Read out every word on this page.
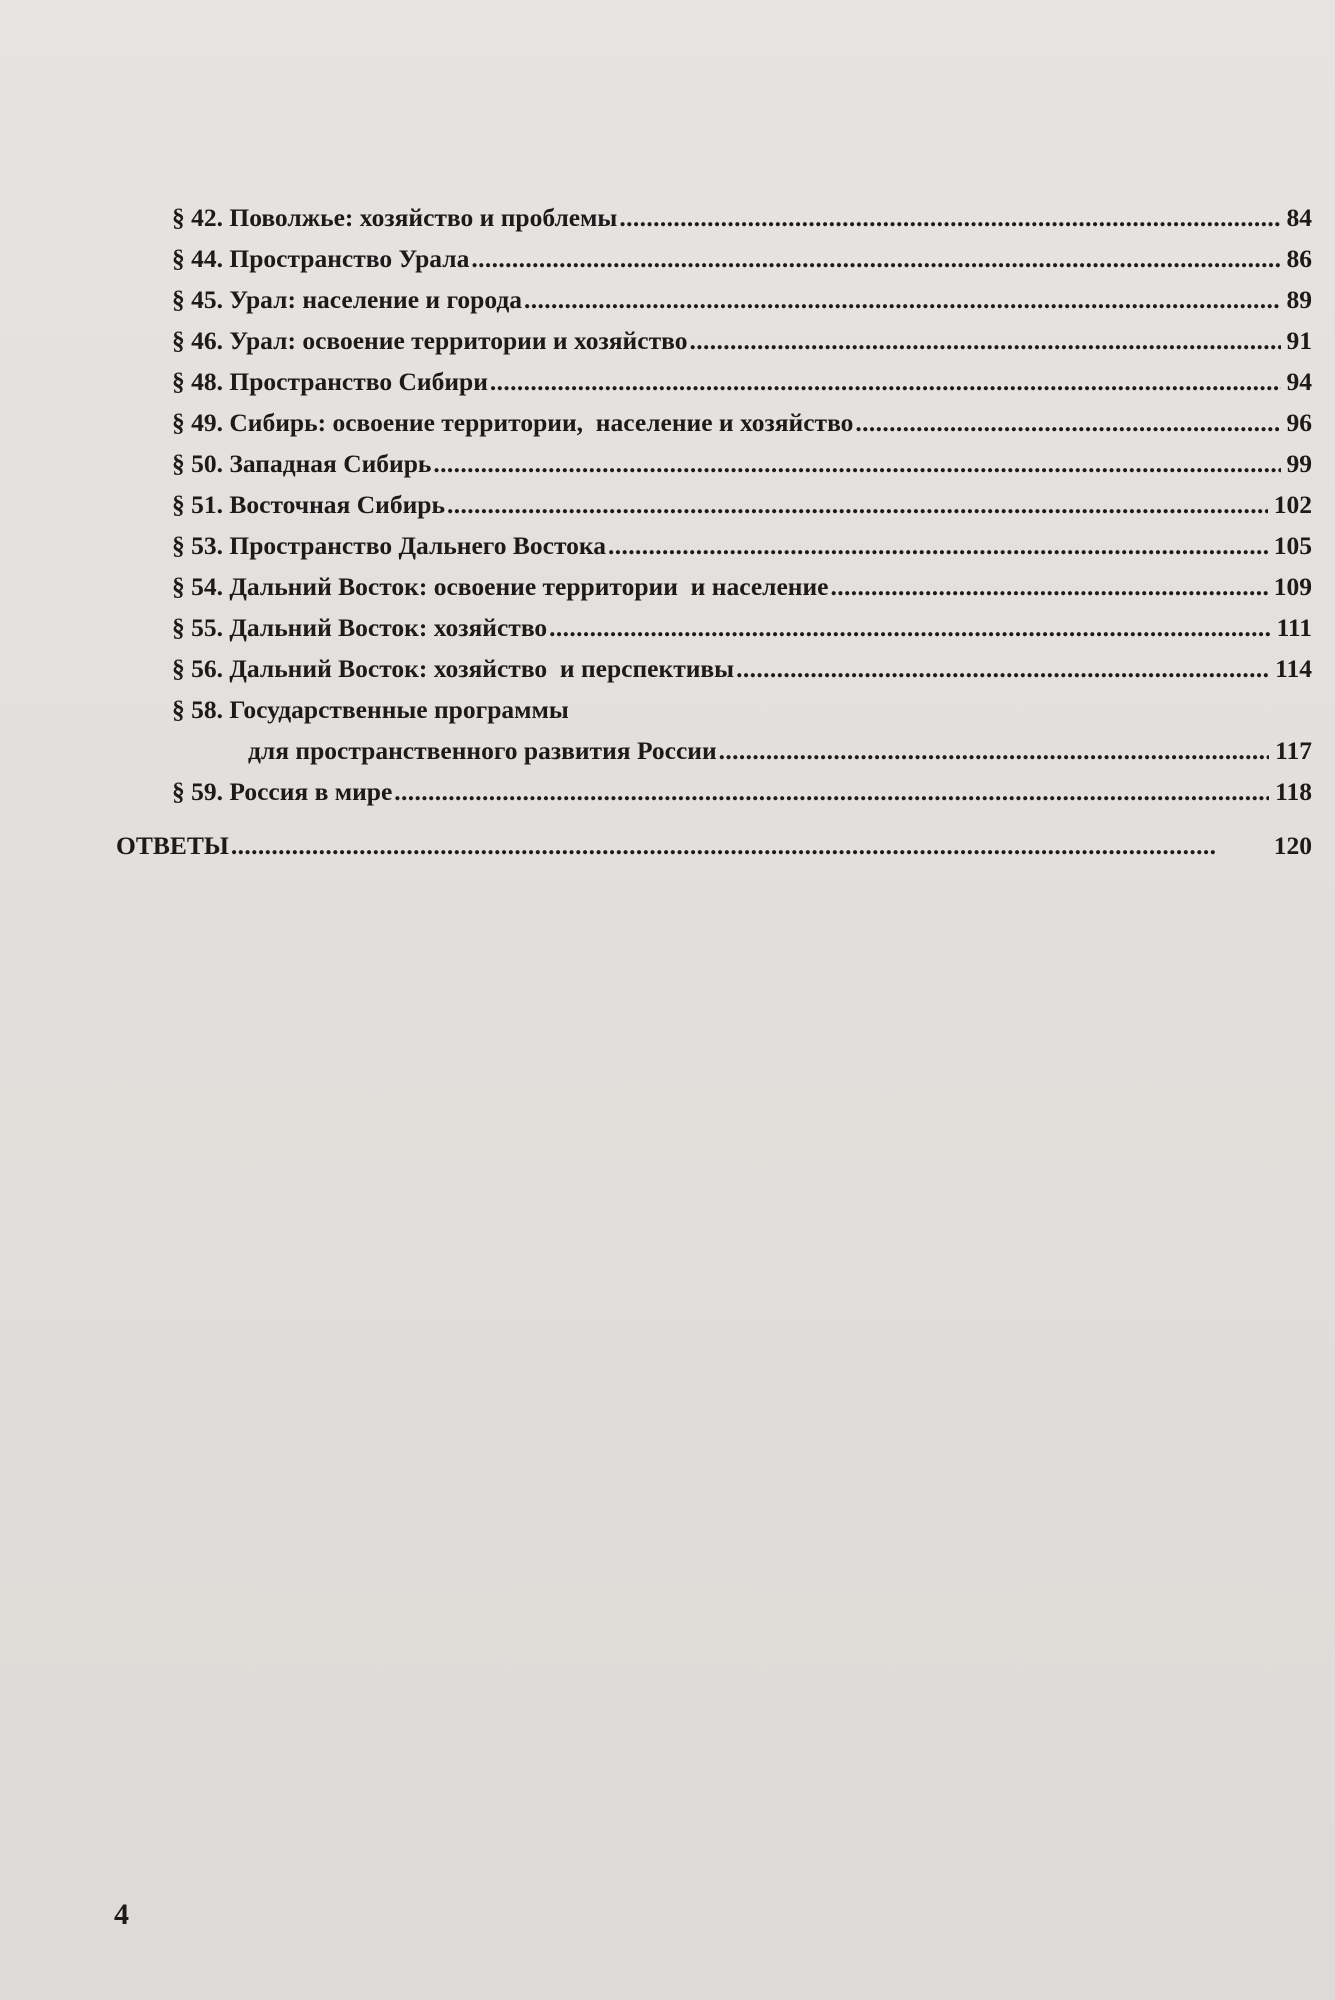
§ 42. Поволжье: хозяйство и проблемы . . .	84
§ 44. Пространство Урала . . .	86
§ 45. Урал: население и города . . .	89
§ 46. Урал: освоение территории и хозяйство . . .	91
§ 48. Пространство Сибири . . .	94
§ 49. Сибирь: освоение территории,  население и хозяйство . . .	96
§ 50. Западная Сибирь . . .	99
§ 51. Восточная Сибирь . . .	102
§ 53. Пространство Дальнего Востока . . .	105
§ 54. Дальний Восток: освоение территории  и население . . .	109
§ 55. Дальний Восток: хозяйство . . .	111
§ 56. Дальний Восток: хозяйство  и перспективы . . .	114
§ 58. Государственные программы
для пространственного развития России . . .	117
§ 59. Россия в мире . . .	118
ОТВЕТЫ . . .	120
4
